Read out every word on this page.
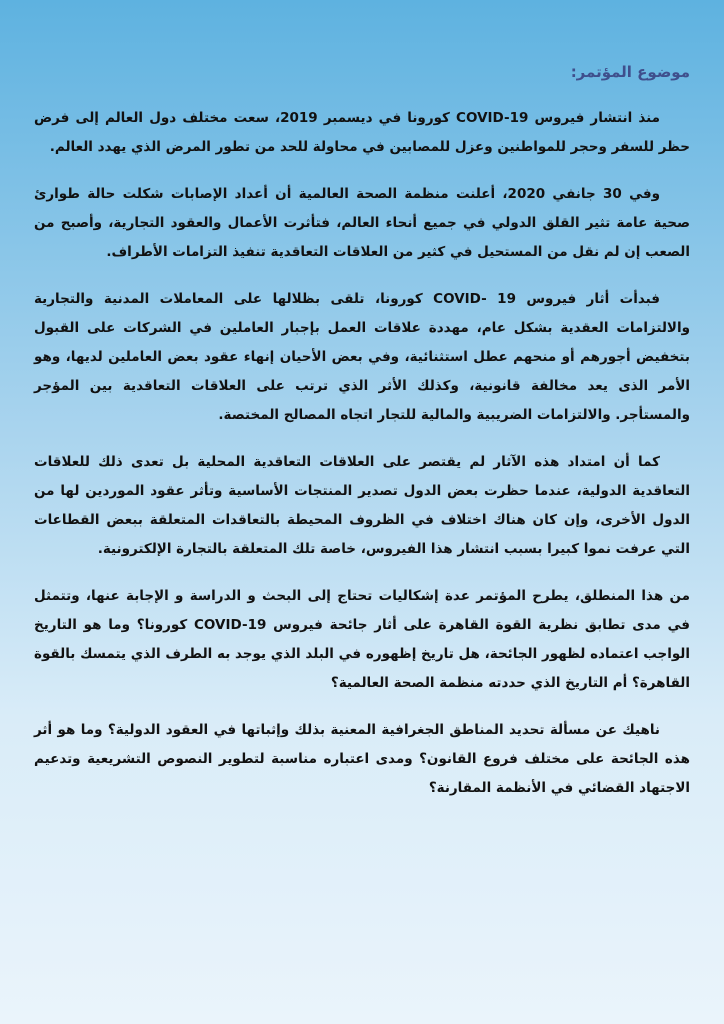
موضوع المؤتمر:

منذ انتشار فيروس COVID-19 كورونا في ديسمبر 2019، سعت مختلف دول العالم إلى فرض حظر للسفر وحجر للمواطنين وعزل للمصابين في محاولة للحد من تطور المرض الذي يهدد العالم.

وفي 30 جانفي 2020، أعلنت منظمة الصحة العالمية أن أعداد الإصابات شكلت حالة طوارئ صحية عامة تثير القلق الدولي في جميع أنحاء العالم، فتأثرت الأعمال والعقود التجارية، وأصبح من الصعب إن لم نقل من المستحيل في كثير من العلاقات التعاقدية تنفيذ التزامات الأطراف.

فبدأت أثار فيروس COVID- 19 كورونا، تلقى بظلالها على المعاملات المدنية والتجارية والالتزامات العقدية بشكل عام، مهددة علاقات العمل بإجبار العاملين في الشركات على القبول بتخفيض أجورهم أو منحهم عطل استثنائية، وفي بعض الأحيان إنهاء عقود بعض العاملين لديها، وهو الأمر الذى يعد مخالفة قانونية، وكذلك الأثر الذي ترتب على العلاقات التعاقدية بين المؤجر والمستأجر. والالتزامات الضريبية والمالية للتجار اتجاه المصالح المختصة.

كما أن امتداد هذه الآثار لم يقتصر على العلاقات التعاقدية المحلية بل تعدى ذلك للعلاقات التعاقدية الدولية، عندما حظرت بعض الدول تصدير المنتجات الأساسية وتأثر عقود الموردين لها من الدول الأخرى، وإن كان هناك اختلاف في الظروف المحيطة بالتعاقدات المتعلقة ببعض القطاعات التي عرفت نموا كبيرا بسبب انتشار هذا الفيروس، خاصة تلك المتعلقة بالتجارة الإلكترونية.

من هذا المنطلق، يطرح المؤتمر عدة إشكاليات تحتاج إلى البحث و الدراسة و الإجابة عنها، وتتمثل في مدى تطابق نظرية القوة القاهرة على أثار جائحة فيروس COVID-19 كورونا؟ وما هو التاريخ الواجب اعتماده لظهور الجائحة، هل تاريخ إظهوره في البلد الذي يوجد به الطرف الذي يتمسك بالقوة القاهرة؟ أم التاريخ الذي حددته منظمة الصحة العالمية؟

ناهيك عن مسألة تحديد المناطق الجغرافية المعنية بذلك وإثباتها في العقود الدولية؟ وما هو أثر هذه الجائحة على مختلف فروع القانون؟ ومدى اعتباره مناسبة لتطوير النصوص التشريعية وتدعيم الاجتهاد القضائي في الأنظمة المقارنة؟
